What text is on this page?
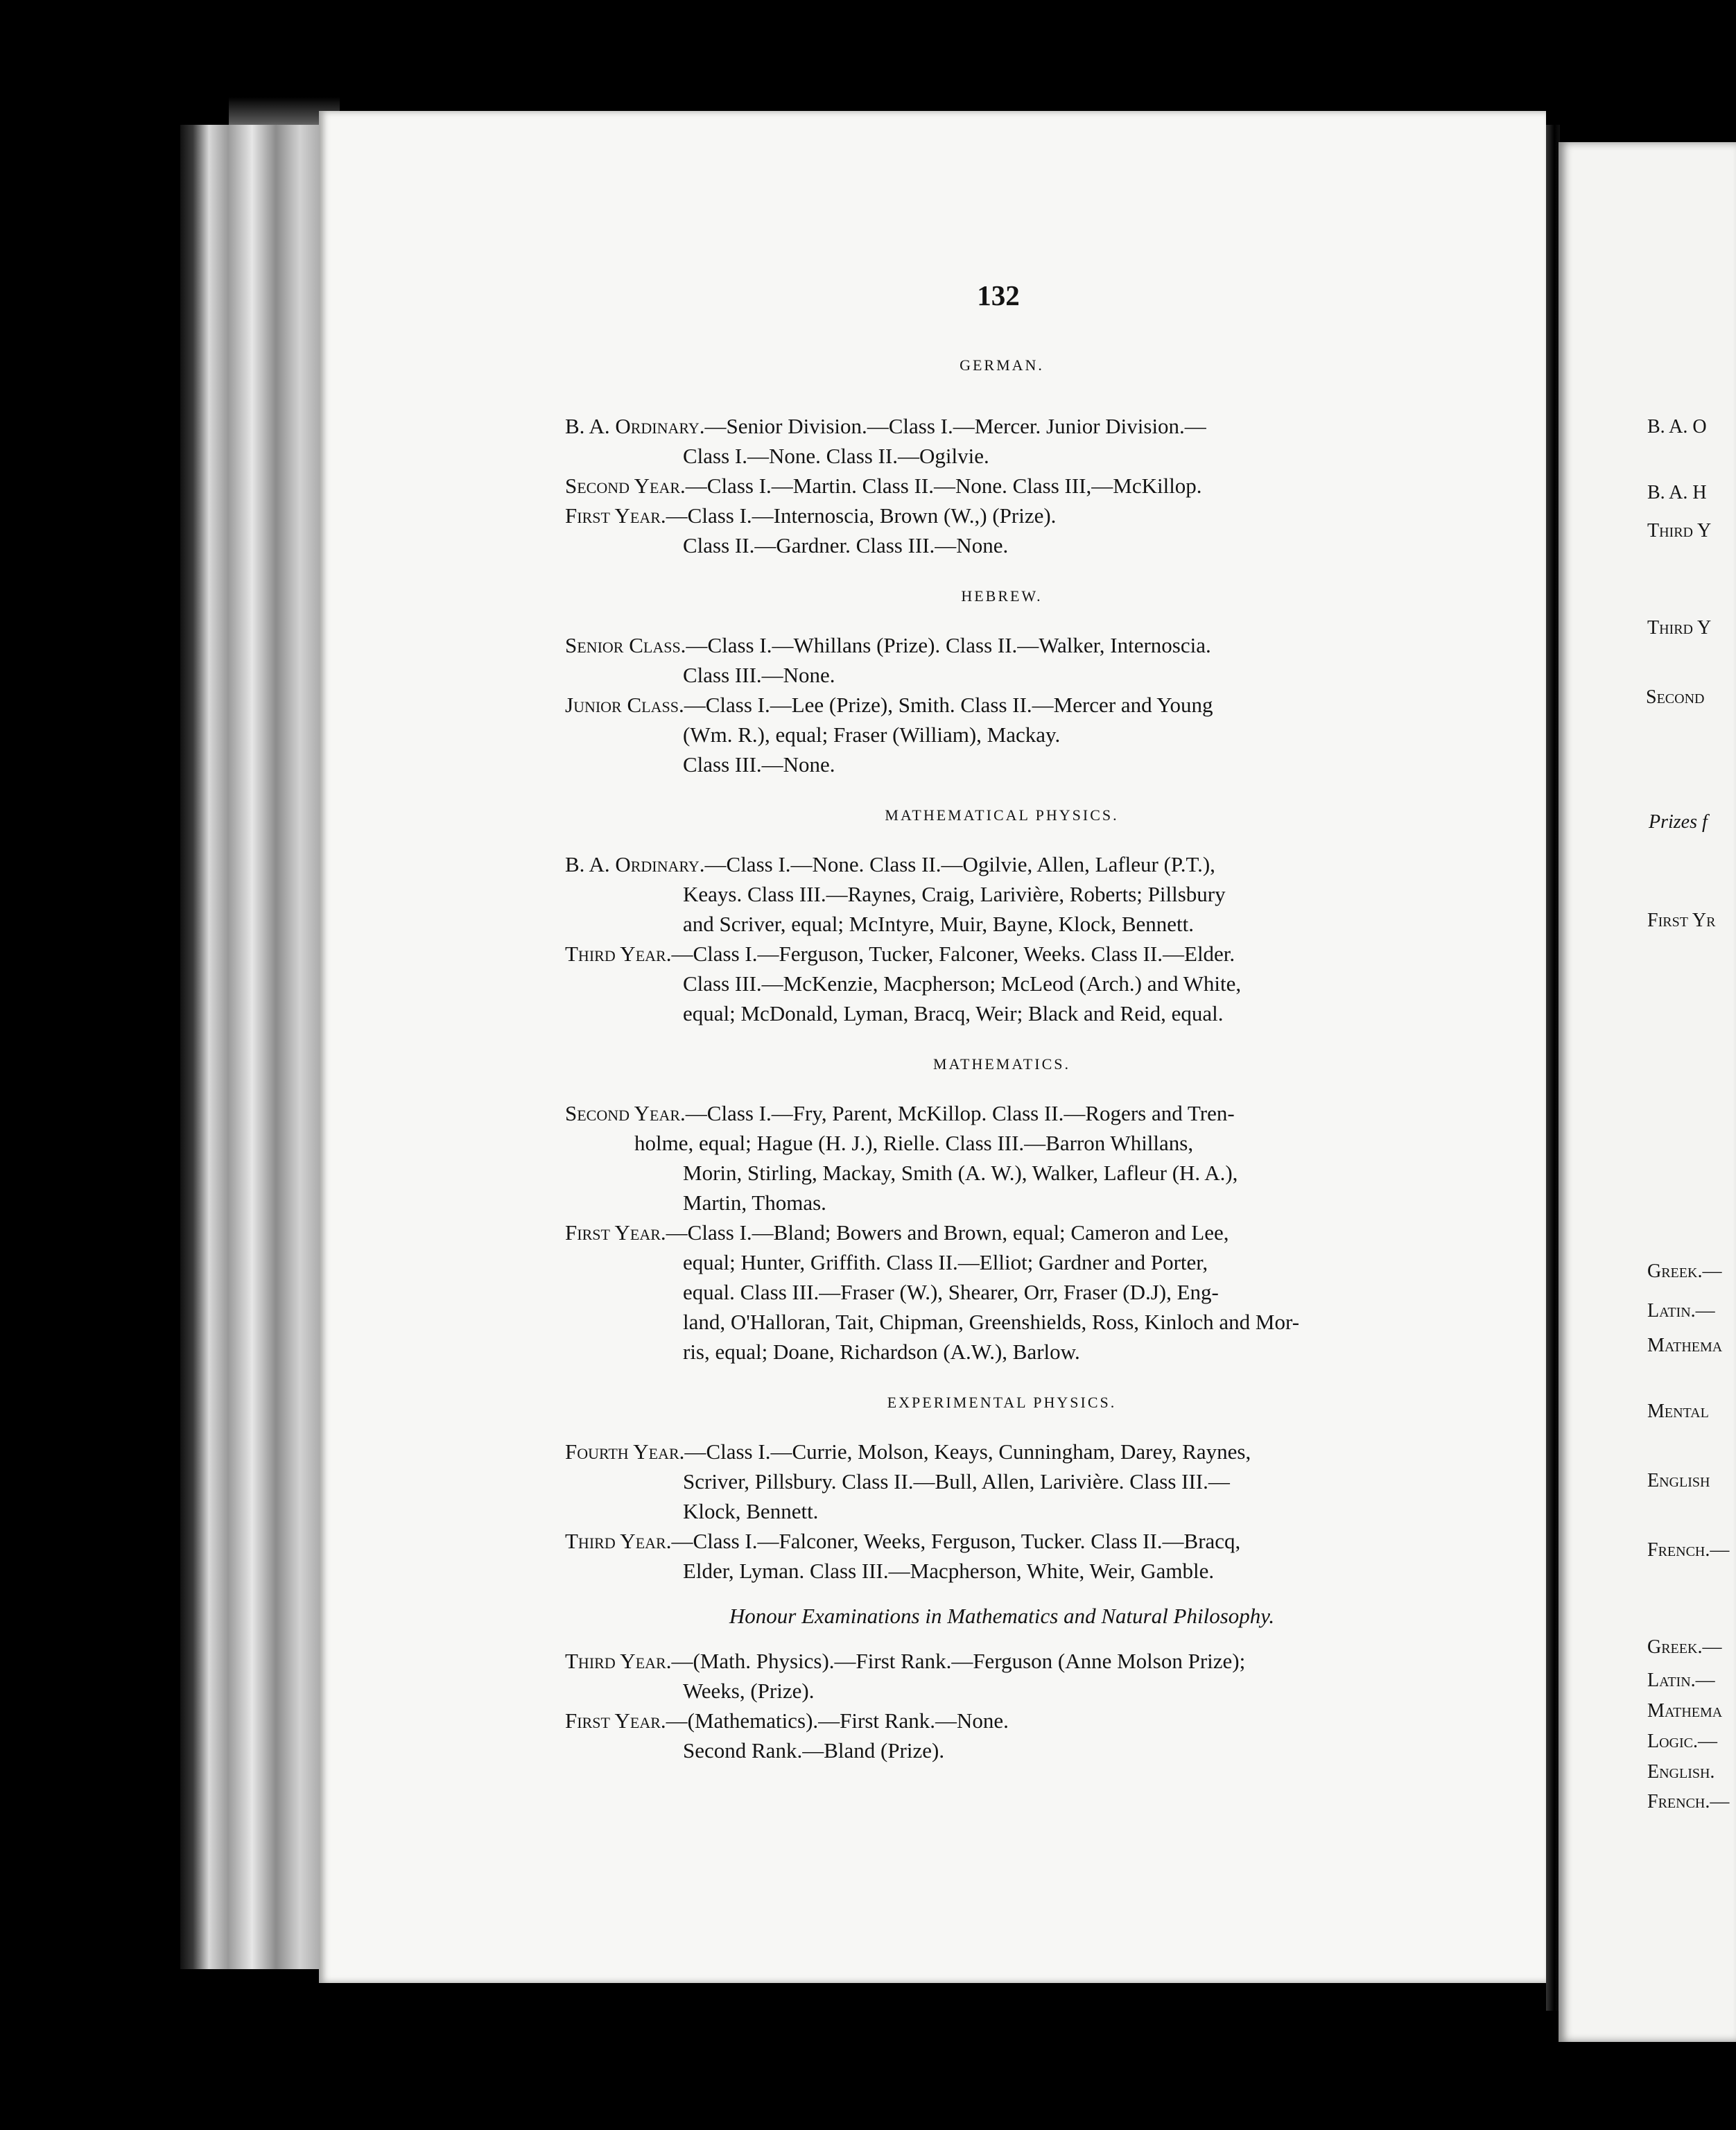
B. A. O
B. A. H
Third Y
Third Y
Second
Prizes f
First Yr
Greek.—
Latin.—
Mathema
Mental
English
French.—
Greek.—
Latin.—
Mathema
Logic.—
English.
French.—
132

GERMAN.

B. A. Ordinary.—Senior Division.—Class I.—Mercer. Junior Division.—

Class I.—None. Class II.—Ogilvie.

Second Year.—Class I.—Martin. Class II.—None. Class III,—McKillop.

First Year.—Class I.—Internoscia, Brown (W.,) (Prize).

Class II.—Gardner. Class III.—None.

HEBREW.

Senior Class.—Class I.—Whillans (Prize). Class II.—Walker, Internoscia.

Class III.—None.

Junior Class.—Class I.—Lee (Prize), Smith. Class II.—Mercer and Young

(Wm. R.), equal; Fraser (William), Mackay.

Class III.—None.

MATHEMATICAL PHYSICS.

B. A. Ordinary.—Class I.—None. Class II.—Ogilvie, Allen, Lafleur (P.T.),

Keays. Class III.—Raynes, Craig, Larivière, Roberts; Pillsbury

and Scriver, equal; McIntyre, Muir, Bayne, Klock, Bennett.

Third Year.—Class I.—Ferguson, Tucker, Falconer, Weeks. Class II.—Elder.

Class III.—McKenzie, Macpherson; McLeod (Arch.) and White,

equal; McDonald, Lyman, Bracq, Weir; Black and Reid, equal.

MATHEMATICS.

Second Year.—Class I.—Fry, Parent, McKillop. Class II.—Rogers and Tren-

holme, equal; Hague (H. J.), Rielle. Class III.—Barron Whillans,

Morin, Stirling, Mackay, Smith (A. W.), Walker, Lafleur (H. A.),

Martin, Thomas.

First Year.—Class I.—Bland; Bowers and Brown, equal; Cameron and Lee,

equal; Hunter, Griffith. Class II.—Elliot; Gardner and Porter,

equal. Class III.—Fraser (W.), Shearer, Orr, Fraser (D.J), Eng-

land, O'Halloran, Tait, Chipman, Greenshields, Ross, Kinloch and Mor-

ris, equal; Doane, Richardson (A.W.), Barlow.

EXPERIMENTAL PHYSICS.

Fourth Year.—Class I.—Currie, Molson, Keays, Cunningham, Darey, Raynes,

Scriver, Pillsbury. Class II.—Bull, Allen, Larivière. Class III.—

Klock, Bennett.

Third Year.—Class I.—Falconer, Weeks, Ferguson, Tucker. Class II.—Bracq,

Elder, Lyman. Class III.—Macpherson, White, Weir, Gamble.

Honour Examinations in Mathematics and Natural Philosophy.

Third Year.—(Math. Physics).—First Rank.—Ferguson (Anne Molson Prize);

Weeks, (Prize).

First Year.—(Mathematics).—First Rank.—None.

Second Rank.—Bland (Prize).
